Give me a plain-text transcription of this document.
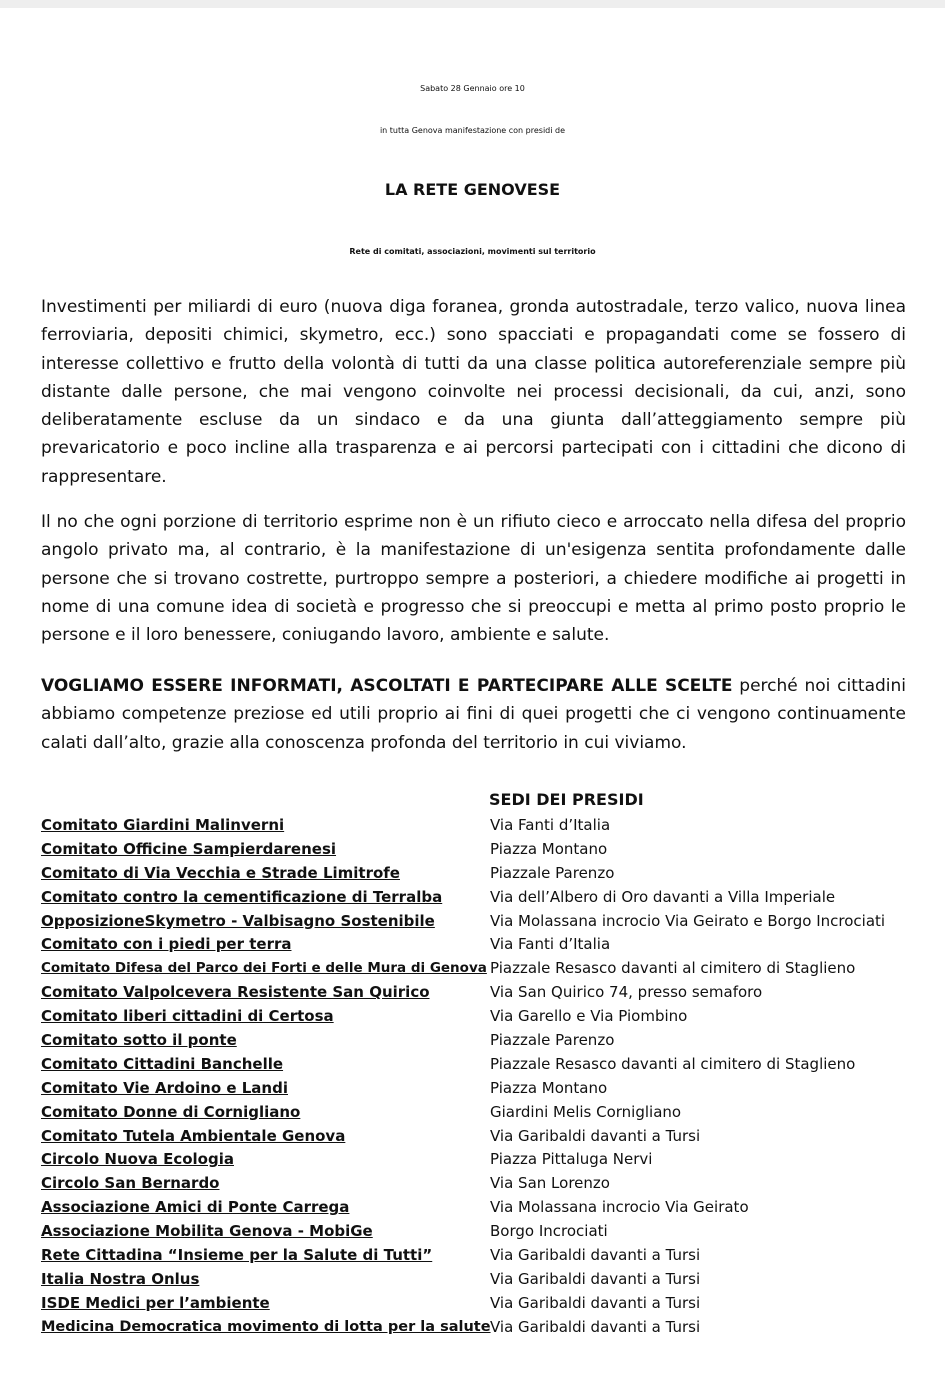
Sabato 28 Gennaio ore 10
in tutta Genova manifestazione con presidi de
LA RETE GENOVESE
Rete di comitati, associazioni, movimenti sul territorio

Investimenti per miliardi di euro (nuova diga foranea, gronda autostradale, terzo valico, nuova linea ferroviaria, depositi chimici, skymetro, ecc.) sono spacciati e propagandati come se fossero di interesse collettivo e frutto della volontà di tutti da una classe politica autoreferenziale sempre più distante dalle persone, che mai vengono coinvolte nei processi decisionali, da cui, anzi, sono deliberatamente escluse da un sindaco e da una giunta dall’atteggiamento sempre più prevaricatorio e poco incline alla trasparenza e ai percorsi partecipati con i cittadini che dicono di rappresentare.

Il no che ogni porzione di territorio esprime non è un rifiuto cieco e arroccato nella difesa del proprio angolo privato ma, al contrario, è la manifestazione di un'esigenza sentita profondamente dalle persone che si trovano costrette, purtroppo sempre a posteriori, a chiedere modifiche ai progetti in nome di una comune idea di società e progresso che si preoccupi e metta al primo posto proprio le persone e il loro benessere, coniugando lavoro, ambiente e salute.

VOGLIAMO ESSERE INFORMATI, ASCOLTATI E PARTECIPARE ALLE SCELTE perché noi cittadini abbiamo competenze preziose ed utili proprio ai fini di quei progetti che ci vengono continuamente calati dall’alto, grazie alla conoscenza profonda del territorio in cui viviamo.

SEDI DEI PRESIDI
Comitato Giardini Malinverni	Via Fanti d’Italia
Comitato Officine Sampierdarenesi	Piazza Montano
Comitato di Via Vecchia e Strade Limitrofe	Piazzale Parenzo
Comitato contro la cementificazione di Terralba	Via dell’Albero di Oro davanti a Villa Imperiale
OpposizioneSkymetro - Valbisagno Sostenibile	Via Molassana incrocio Via Geirato e Borgo Incrociati
Comitato con i piedi per terra	Via Fanti d’Italia
Comitato Difesa del Parco dei Forti e delle Mura di Genova Piazzale Resasco davanti al cimitero di Staglieno
Comitato Valpolcevera Resistente San Quirico	Via San Quirico 74, presso semaforo
Comitato liberi cittadini di Certosa	Via Garello e Via Piombino
Comitato sotto il ponte	Piazzale Parenzo
Comitato Cittadini Banchelle	Piazzale Resasco davanti al cimitero di Staglieno
Comitato Vie Ardoino e Landi	Piazza Montano
Comitato Donne di Cornigliano	Giardini Melis Cornigliano
Comitato Tutela Ambientale Genova	Via Garibaldi davanti a Tursi
Circolo Nuova Ecologia	Piazza Pittaluga Nervi
Circolo San Bernardo	Via San Lorenzo
Associazione Amici di Ponte Carrega	Via Molassana incrocio Via Geirato
Associazione Mobilita Genova - MobiGe	Borgo Incrociati
Rete Cittadina “Insieme per la Salute di Tutti”	Via Garibaldi davanti a Tursi
Italia Nostra Onlus	Via Garibaldi davanti a Tursi
ISDE Medici per l’ambiente	Via Garibaldi davanti a Tursi
Medicina Democratica movimento di lotta per la salute Via Garibaldi davanti a Tursi
